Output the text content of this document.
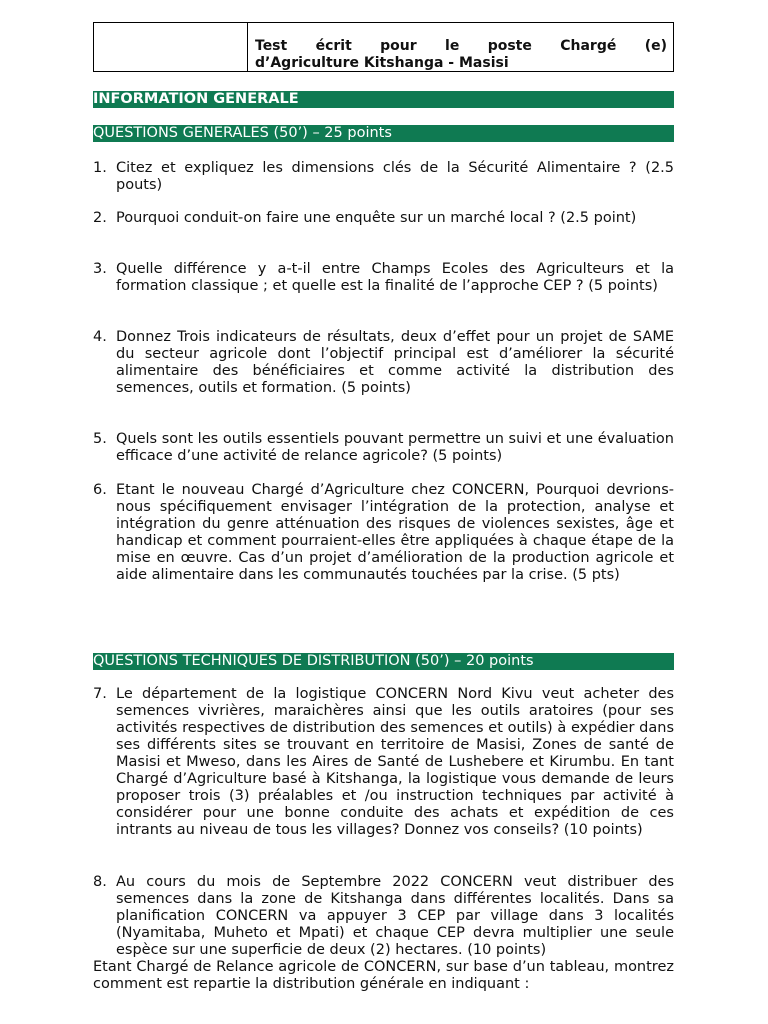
Test écrit pour le poste Chargé (e)
d’Agriculture Kitshanga - Masisi
INFORMATION GENERALE
QUESTIONS GENERALES (50’) – 25 points
1. Citez et expliquez les dimensions clés de la Sécurité Alimentaire ? (2.5 pouts)
2. Pourquoi conduit-on faire une enquête sur un marché local ? (2.5 point)
3. Quelle différence y a-t-il entre Champs Ecoles des Agriculteurs et la formation classique ; et quelle est la finalité de l’approche CEP ? (5 points)
4. Donnez Trois indicateurs de résultats, deux d’effet pour un projet de SAME du secteur agricole dont l’objectif principal est d’améliorer la sécurité alimentaire des bénéficiaires et comme activité la distribution des semences, outils et formation. (5 points)
5. Quels sont les outils essentiels pouvant permettre un suivi et une évaluation efficace d’une activité de relance agricole? (5 points)
6. Etant le nouveau Chargé d’Agriculture chez CONCERN, Pourquoi devrions-nous spécifiquement envisager l’intégration de la protection, analyse et intégration du genre atténuation des risques de violences sexistes, âge et handicap et comment pourraient-elles être appliquées à chaque étape de la mise en œuvre. Cas d’un projet d’amélioration de la production agricole et aide alimentaire dans les communautés touchées par la crise. (5 pts)
QUESTIONS TECHNIQUES DE DISTRIBUTION (50’) – 20 points
7. Le département de la logistique CONCERN Nord Kivu veut acheter des semences vivrières, maraichères ainsi que les outils aratoires (pour ses activités respectives de distribution des semences et outils) à expédier dans ses différents sites se trouvant en territoire de Masisi, Zones de santé de Masisi et Mweso, dans les Aires de Santé de Lushebere et Kirumbu. En tant Chargé d’Agriculture basé à Kitshanga, la logistique vous demande de leurs proposer trois (3) préalables et /ou instruction techniques par activité à considérer pour une bonne conduite des achats et expédition de ces intrants au niveau de tous les villages? Donnez vos conseils? (10 points)
8. Au cours du mois de Septembre 2022 CONCERN veut distribuer des semences dans la zone de Kitshanga dans différentes localités. Dans sa planification CONCERN va appuyer 3 CEP par village dans 3 localités (Nyamitaba, Muheto et Mpati) et chaque CEP devra multiplier une seule espèce sur une superficie de deux (2) hectares. (10 points)
Etant Chargé de Relance agricole de CONCERN, sur base d’un tableau, montrez comment est repartie la distribution générale en indiquant :
